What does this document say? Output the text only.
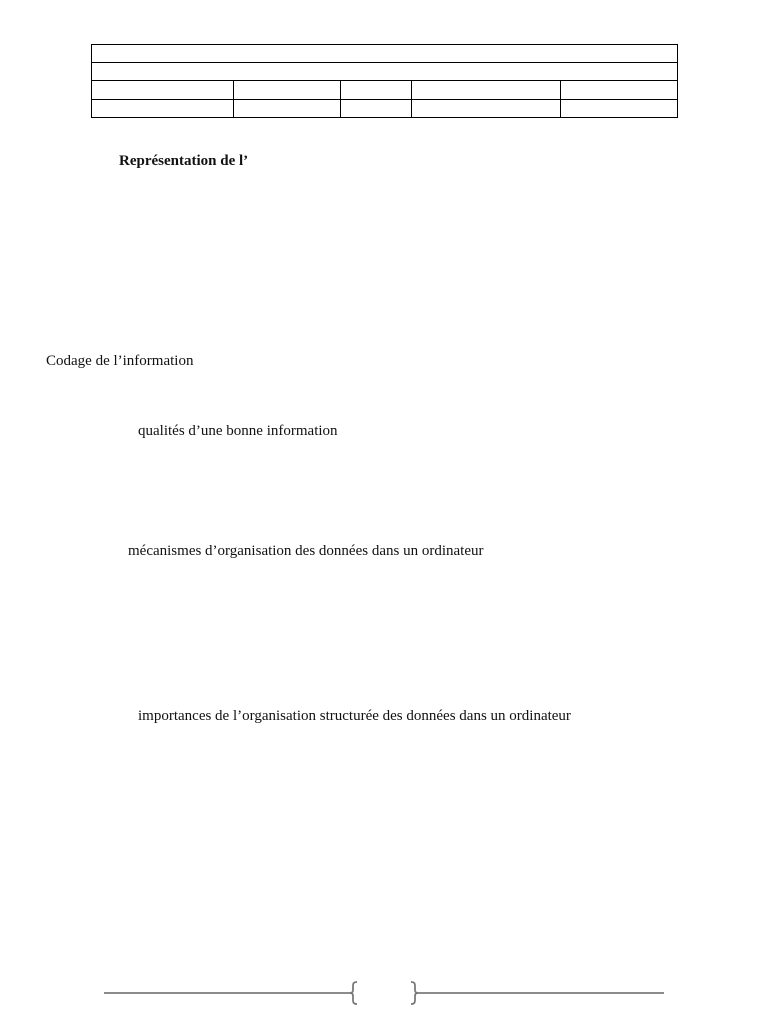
Représentation de l’
Codage de l’information
qualités d’une bonne information
mécanismes d’organisation des données dans un ordinateur
importances de l’organisation structurée des données dans un ordinateur
